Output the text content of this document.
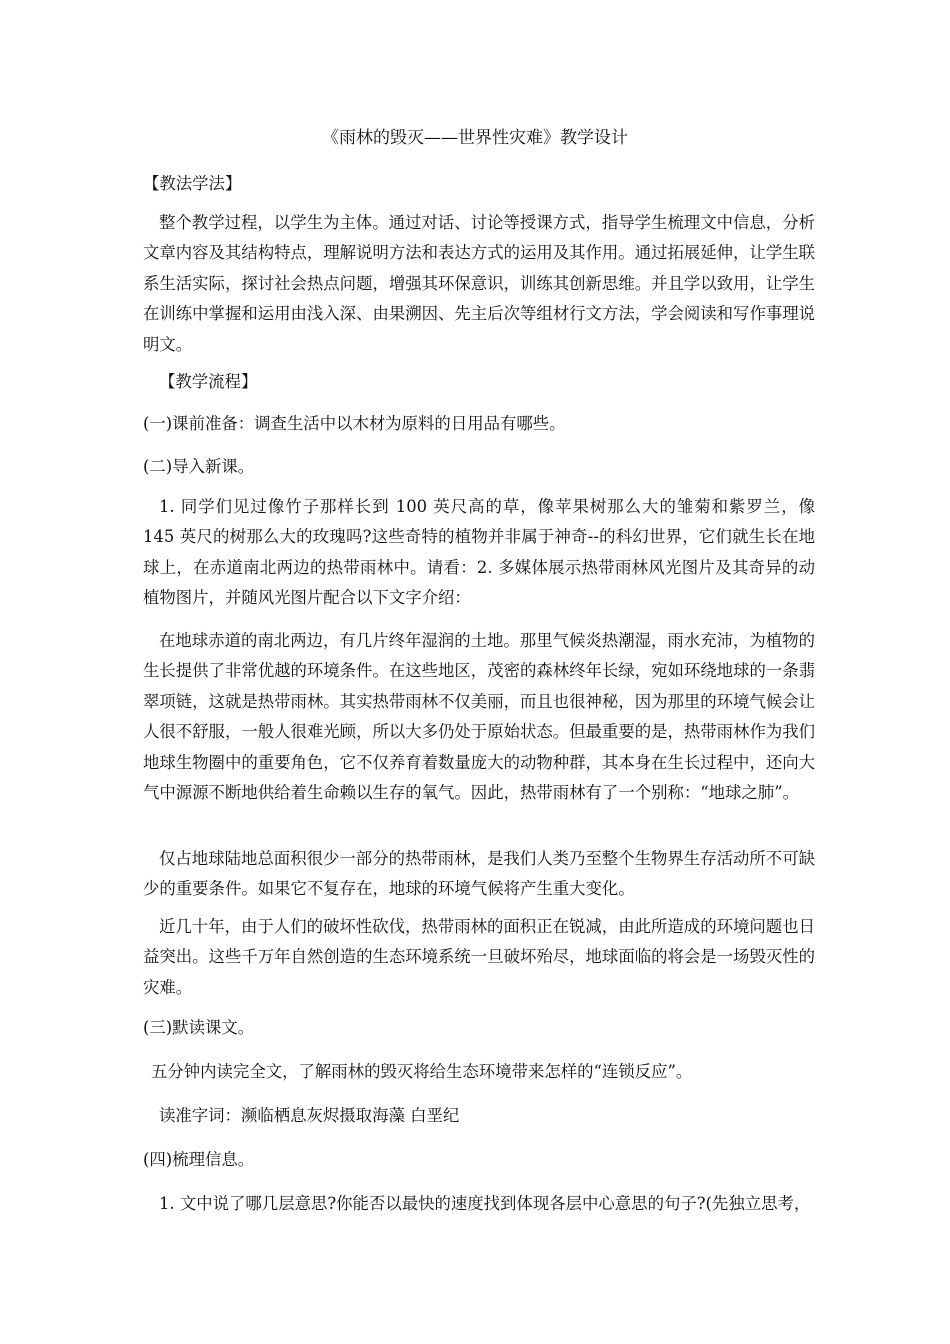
《雨林的毁灭——世界性灾难》教学设计
【教法学法】
整个教学过程，以学生为主体。通过对话、讨论等授课方式，指导学生梳理文中信息，分析文章内容及其结构特点，理解说明方法和表达方式的运用及其作用。通过拓展延伸，让学生联系生活实际，探讨社会热点问题，增强其环保意识，训练其创新思维。并且学以致用，让学生在训练中掌握和运用由浅入深、由果溯因、先主后次等组材行文方法，学会阅读和写作事理说明文。
【教学流程】
(一)课前准备：调查生活中以木材为原料的日用品有哪些。
(二)导入新课。
1. 同学们见过像竹子那样长到 100 英尺高的草，像苹果树那么大的雏菊和紫罗兰，像 145 英尺的树那么大的玫瑰吗?这些奇特的植物并非属于神奇--的科幻世界，它们就生长在地球上，在赤道南北两边的热带雨林中。请看：2. 多媒体展示热带雨林风光图片及其奇异的动植物图片，并随风光图片配合以下文字介绍：
在地球赤道的南北两边，有几片终年湿润的土地。那里气候炎热潮湿，雨水充沛，为植物的生长提供了非常优越的环境条件。在这些地区，茂密的森林终年长绿，宛如环绕地球的一条翡翠项链，这就是热带雨林。其实热带雨林不仅美丽，而且也很神秘，因为那里的环境气候会让人很不舒服，一般人很难光顾，所以大多仍处于原始状态。但最重要的是，热带雨林作为我们地球生物圈中的重要角色，它不仅养育着数量庞大的动物种群，其本身在生长过程中，还向大气中源源不断地供给着生命赖以生存的氧气。因此，热带雨林有了一个别称：“地球之肺”。
仅占地球陆地总面积很少一部分的热带雨林，是我们人类乃至整个生物界生存活动所不可缺少的重要条件。如果它不复存在，地球的环境气候将产生重大变化。
近几十年，由于人们的破坏性砍伐，热带雨林的面积正在锐减，由此所造成的环境问题也日益突出。这些千万年自然创造的生态环境系统一旦破坏殆尽，地球面临的将会是一场毁灭性的灾难。
(三)默读课文。
五分钟内读完全文，了解雨林的毁灭将给生态环境带来怎样的“连锁反应”。
读准字词：濒临栖息灰烬摄取海藻 白垩纪
(四)梳理信息。
1. 文中说了哪几层意思?你能否以最快的速度找到体现各层中心意思的句子?(先独立思考，
